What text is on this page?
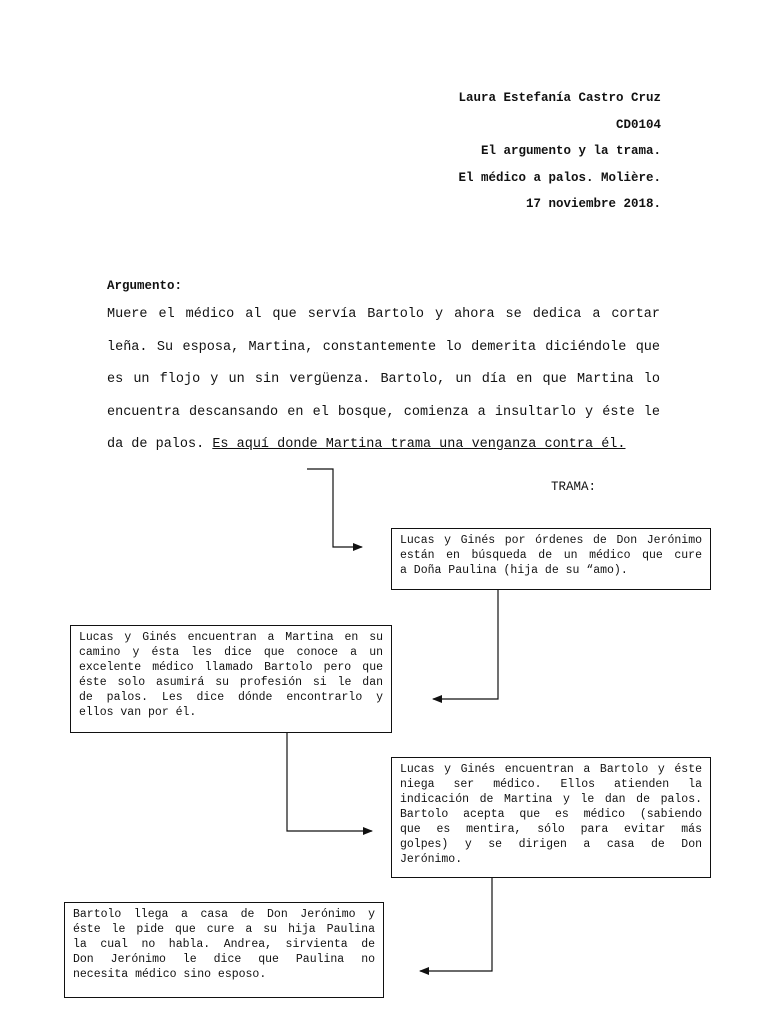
Laura Estefanía Castro Cruz
CD0104
El argumento y la trama.
El médico a palos. Molière.
17 noviembre 2018.
Argumento:
Muere el médico al que servía Bartolo y ahora se dedica a cortar
leña. Su esposa, Martina, constantemente lo demerita diciéndole que
es un flojo y un sin vergüenza. Bartolo, un día en que Martina lo
encuentra descansando en el bosque, comienza a insultarlo y éste le
da de palos. Es aquí donde Martina trama una venganza contra él.
TRAMA:
Lucas y Ginés por órdenes de Don Jerónimo
están en búsqueda de un médico que cure
a Doña Paulina (hija de su “amo).
Lucas y Ginés encuentran a Martina en su
camino y ésta les dice que conoce a un
excelente médico llamado Bartolo pero que
éste solo asumirá su profesión si le dan
de palos. Les dice dónde encontrarlo y
ellos van por él.
Lucas y Ginés encuentran a Bartolo y éste
niega ser médico. Ellos atienden la
indicación de Martina y le dan de palos.
Bartolo acepta que es médico (sabiendo
que es mentira, sólo para evitar más
golpes) y se dirigen a casa de Don
Jerónimo.
Bartolo llega a casa de Don Jerónimo y
éste le pide que cure a su hija Paulina
la cual no habla. Andrea, sirvienta de
Don Jerónimo le dice que Paulina no
necesita médico sino esposo.
